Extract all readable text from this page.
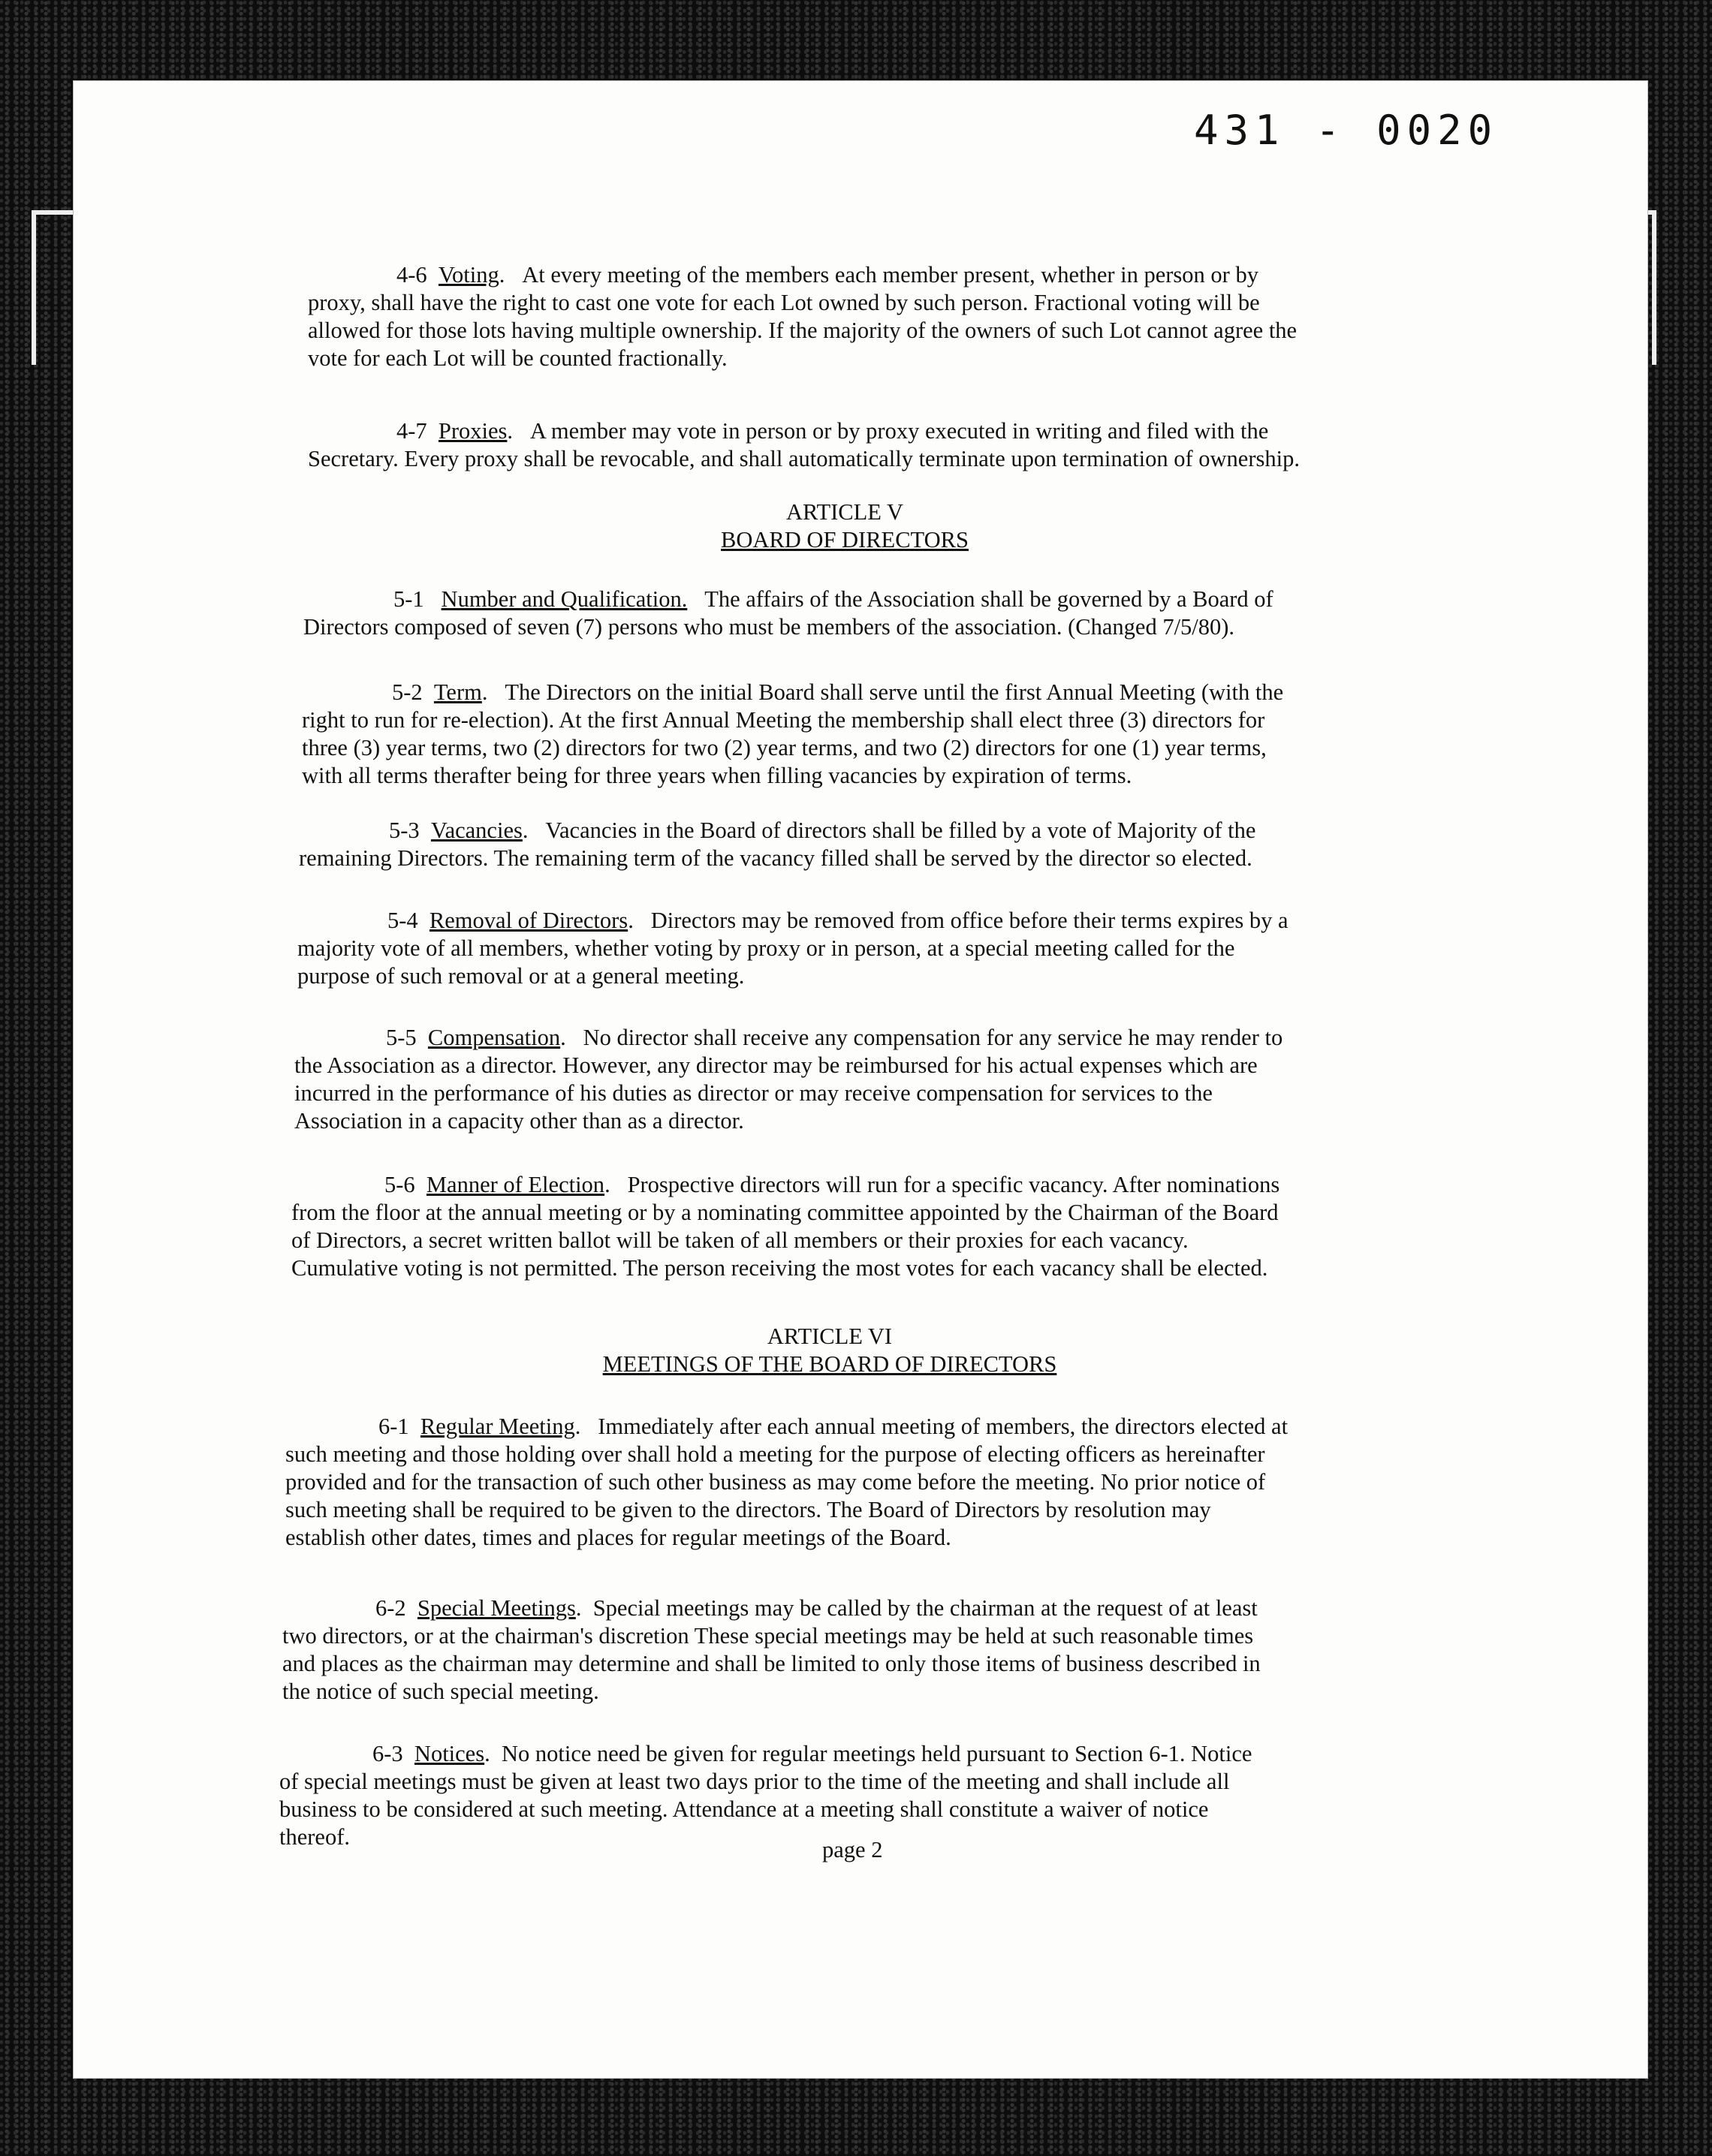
431 - 0020
4-6 Voting.   At every meeting of the members each member present, whether in person or by
proxy, shall have the right to cast one vote for each Lot owned by such person. Fractional voting will be
allowed for those lots having multiple ownership. If the majority of the owners of such Lot cannot agree the
vote for each Lot will be counted fractionally.
4-7 Proxies.   A member may vote in person or by proxy executed in writing and filed with the
Secretary. Every proxy shall be revocable, and shall automatically terminate upon termination of ownership.
ARTICLE V
BOARD OF DIRECTORS
5-1 Number and Qualification. The affairs of the Association shall be governed by a Board of
Directors composed of seven (7) persons who must be members of the association. (Changed 7/5/80).
5-2 Term.   The Directors on the initial Board shall serve until the first Annual Meeting (with the
right to run for re-election). At the first Annual Meeting the membership shall elect three (3) directors for
three (3) year terms, two (2) directors for two (2) year terms, and two (2) directors for one (1) year terms,
with all terms therafter being for three years when filling vacancies by expiration of terms.
5-3 Vacancies.   Vacancies in the Board of directors shall be filled by a vote of Majority of the
remaining Directors. The remaining term of the vacancy filled shall be served by the director so elected.
5-4 Removal of Directors.   Directors may be removed from office before their terms expires by a
majority vote of all members, whether voting by proxy or in person, at a special meeting called for the
purpose of such removal or at a general meeting.
5-5 Compensation.   No director shall receive any compensation for any service he may render to
the Association as a director. However, any director may be reimbursed for his actual expenses which are
incurred in the performance of his duties as director or may receive compensation for services to the
Association in a capacity other than as a director.
5-6 Manner of Election.   Prospective directors will run for a specific vacancy. After nominations
from the floor at the annual meeting or by a nominating committee appointed by the Chairman of the Board
of Directors, a secret written ballot will be taken of all members or their proxies for each vacancy.
Cumulative voting is not permitted. The person receiving the most votes for each vacancy shall be elected.
ARTICLE VI
MEETINGS OF THE BOARD OF DIRECTORS
6-1 Regular Meeting.   Immediately after each annual meeting of members, the directors elected at
such meeting and those holding over shall hold a meeting for the purpose of electing officers as hereinafter
provided and for the transaction of such other business as may come before the meeting. No prior notice of
such meeting shall be required to be given to the directors. The Board of Directors by resolution may
establish other dates, times and places for regular meetings of the Board.
6-2 Special Meetings.  Special meetings may be called by the chairman at the request of at least
two directors, or at the chairman's discretion These special meetings may be held at such reasonable times
and places as the chairman may determine and shall be limited to only those items of business described in
the notice of such special meeting.
6-3 Notices.  No notice need be given for regular meetings held pursuant to Section 6-1. Notice
of special meetings must be given at least two days prior to the time of the meeting and shall include all
business to be considered at such meeting. Attendance at a meeting shall constitute a waiver of notice
thereof.	page 2
